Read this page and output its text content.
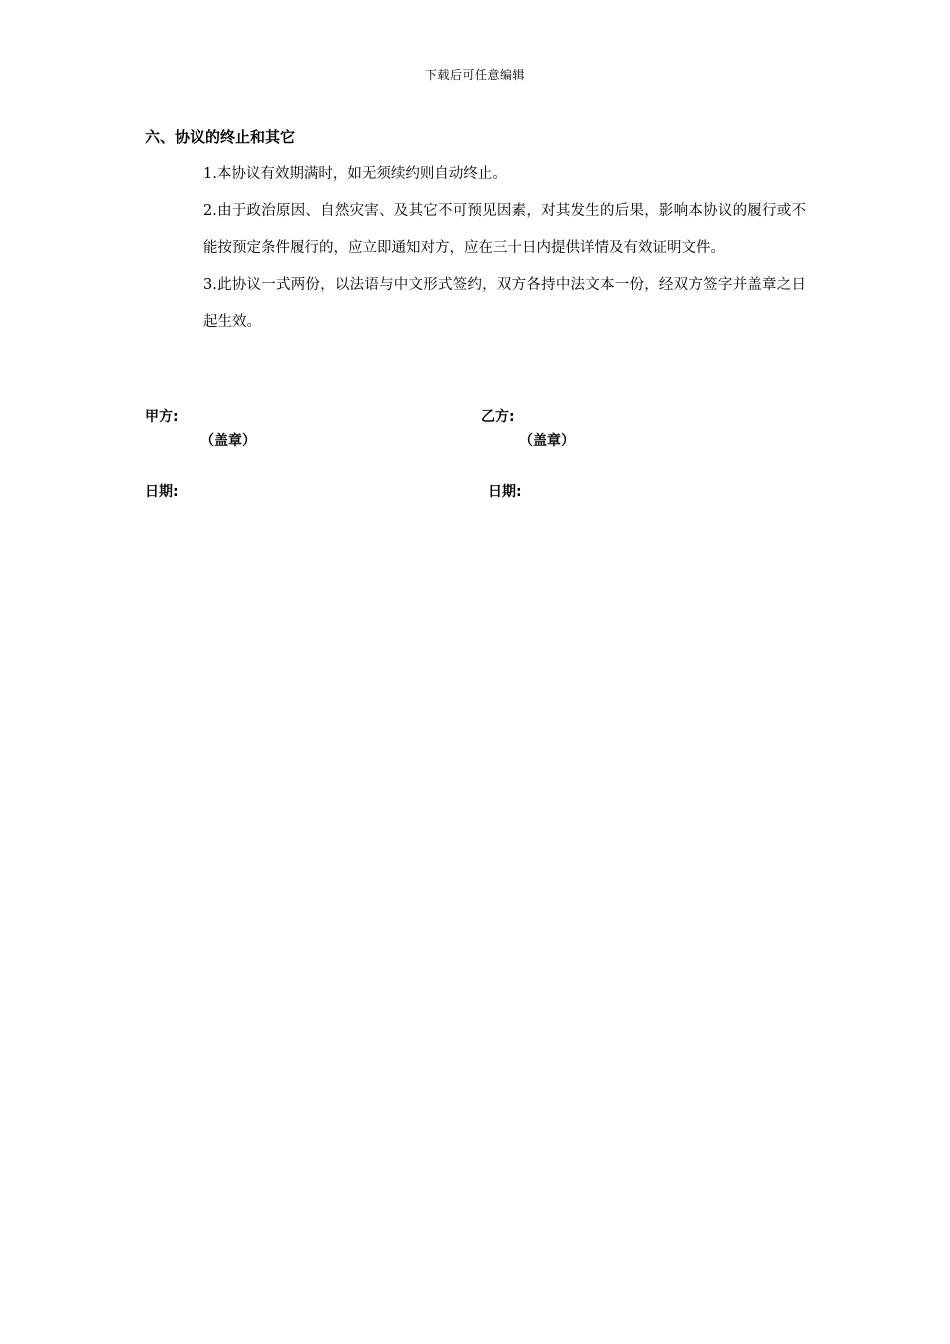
下载后可任意编辑
六、协议的终止和其它

1.本协议有效期满时，如无须续约则自动终止。

2.由于政治原因、自然灾害、及其它不可预见因素，对其发生的后果，影响本协议的履行或不能按预定条件履行的，应立即通知对方，应在三十日内提供详情及有效证明文件。

3.此协议一式两份，以法语与中文形式签约，双方各持中法文本一份，经双方签字并盖章之日起生效。

甲方:
（盖章）
乙方:
（盖章）
日期:	日期:
